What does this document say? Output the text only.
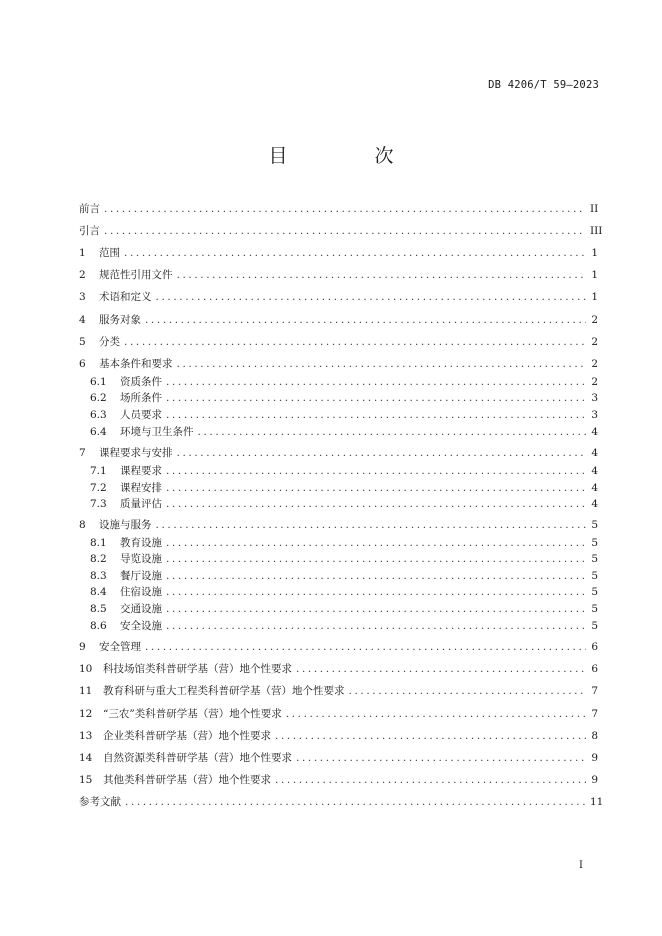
DB 4206/T 59—2023
目　次
前言 .....	II
引言 .....	III
1	范围 .....	1
2	规范性引用文件 .....	1
3	术语和定义 .....	1
4	服务对象 .....	2
5	分类 .....	2
6	基本条件和要求 .....	2
6.1	资质条件 .....	2
6.2	场所条件 .....	3
6.3	人员要求 .....	3
6.4	环境与卫生条件 .....	4
7	课程要求与安排 .....	4
7.1	课程要求 .....	4
7.2	课程安排 .....	4
7.3	质量评估 .....	4
8	设施与服务 .....	5
8.1	教育设施 .....	5
8.2	导览设施 .....	5
8.3	餐厅设施 .....	5
8.4	住宿设施 .....	5
8.5	交通设施 .....	5
8.6	安全设施 .....	5
9	安全管理 .....	6
10	科技场馆类科普研学基（营）地个性要求 .....	6
11	教育科研与重大工程类科普研学基（营）地个性要求 .....	7
12	“三农”类科普研学基（营）地个性要求 .....	7
13	企业类科普研学基（营）地个性要求 .....	8
14	自然资源类科普研学基（营）地个性要求 .....	9
15	其他类科普研学基（营）地个性要求 .....	9
参考文献 .....	11
I
